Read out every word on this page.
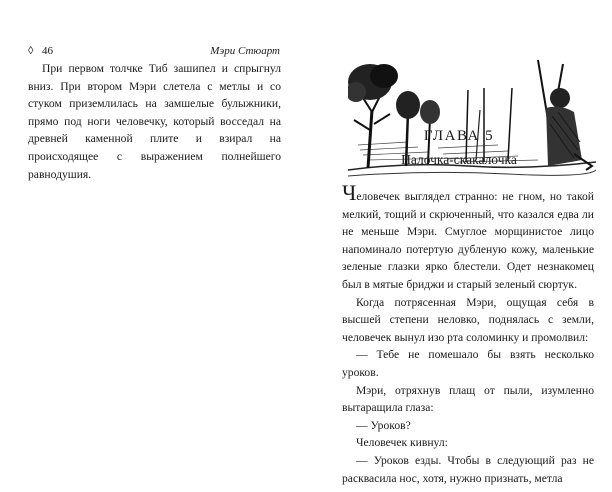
◊ 46	Мэри Стюарт

При первом толчке Тиб зашипел и спрыгнул вниз. При втором Мэри слетела с метлы и со стуком приземлилась на замшелые булыжники, прямо под ноги человечку, который восседал на древней каменной плите и взирал на происходящее с выражением полнейшего равнодушия.

ГЛАВА 5
Палочка-скакалочка

Человечек выглядел странно: не гном, но такой мелкий, тощий и скрюченный, что казался едва ли не меньше Мэри. Смуглое морщинистое лицо напоминало потертую дубленую кожу, маленькие зеленые глазки ярко блестели. Одет незнакомец был в мятые бриджи и старый зеленый сюртук.

Когда потрясенная Мэри, ощущая себя в высшей степени неловко, поднялась с земли, человечек вынул изо рта соломинку и промолвил:

— Тебе не помешало бы взять несколько уроков.

Мэри, отряхнув плащ от пыли, изумленно вытаращила глаза:

— Уроков?

Человечек кивнул:

— Уроков езды. Чтобы в следующий раз не расквасила нос, хотя, нужно признать, метла
